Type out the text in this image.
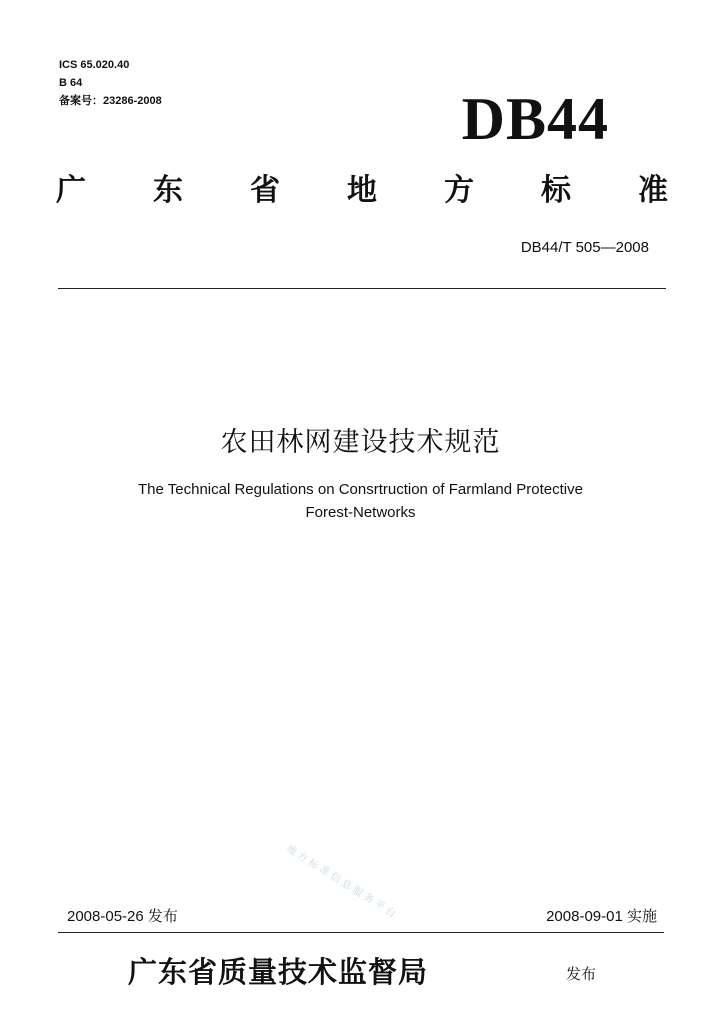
ICS 65.020.40
B 64
备案号：23286-2008	DB44
广 东 省 地 方 标 准
DB44/T 505—2008
农田林网建设技术规范
The Technical Regulations on Consrtruction of Farmland Protective
Forest-Networks
地方标准信息服务平台
2008-05-26 发布	2008-09-01 实施
广东省质量技术监督局	发布
